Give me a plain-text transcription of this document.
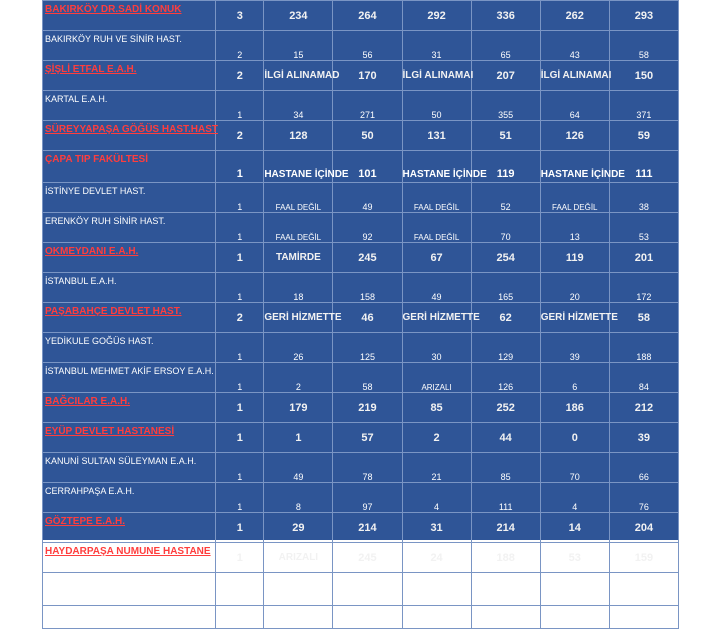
BAKIRKÖY DR.SADİ KONUK	3	234	264	292	336	262	293
BAKIRKÖY RUH VE SİNİR HAST.	2	15	56	31	65	43	58
ŞİŞLİ ETFAL E.A.H.	2	İLGİ ALINAMAD	170	İLGİ ALINAMAI	207	İLGİ ALINAMAI	150
KARTAL E.A.H.	1	34	271	50	355	64	371
SÜREYYAPAŞA GÖĞÜS HAST.HAST	2	128	50	131	51	126	59
ÇAPA TIP FAKÜLTESİ	1	HASTANE İÇİNDE	101	HASTANE İÇİNDE	119	HASTANE İÇİNDE	111
İSTİNYE DEVLET HAST.	1	FAAL DEĞİL	49	FAAL DEĞİL	52	FAAL DEĞİL	38
ERENKÖY RUH SİNİR HAST.	1	FAAL DEĞİL	92	FAAL DEĞİL	70	13	53
OKMEYDANI E.A.H.	1	TAMİRDE	245	67	254	119	201
İSTANBUL E.A.H.	1	18	158	49	165	20	172
PAŞABAHÇE DEVLET HAST.	2	GERİ HİZMETTE	46	GERİ HİZMETTE	62	GERİ HİZMETTE	58
YEDİKULE GOĞÜS HAST.	1	26	125	30	129	39	188
İSTANBUL MEHMET AKİF ERSOY E.A.H.	1	2	58	ARIZALI	126	6	84
BAĞCILAR E.A.H.	1	179	219	85	252	186	212
EYÜP DEVLET HASTANESİ	1	1	57	2	44	0	39
KANUNİ SULTAN SÜLEYMAN E.A.H.	1	49	78	21	85	70	66
CERRAHPAŞA E.A.H.	1	8	97	4	111	4	76
GÖZTEPE E.A.H.	1	29	214	31	214	14	204
HAYDARPAŞA NUMUNE HASTANE	1	ARIZALI	245	24	188	53	159
